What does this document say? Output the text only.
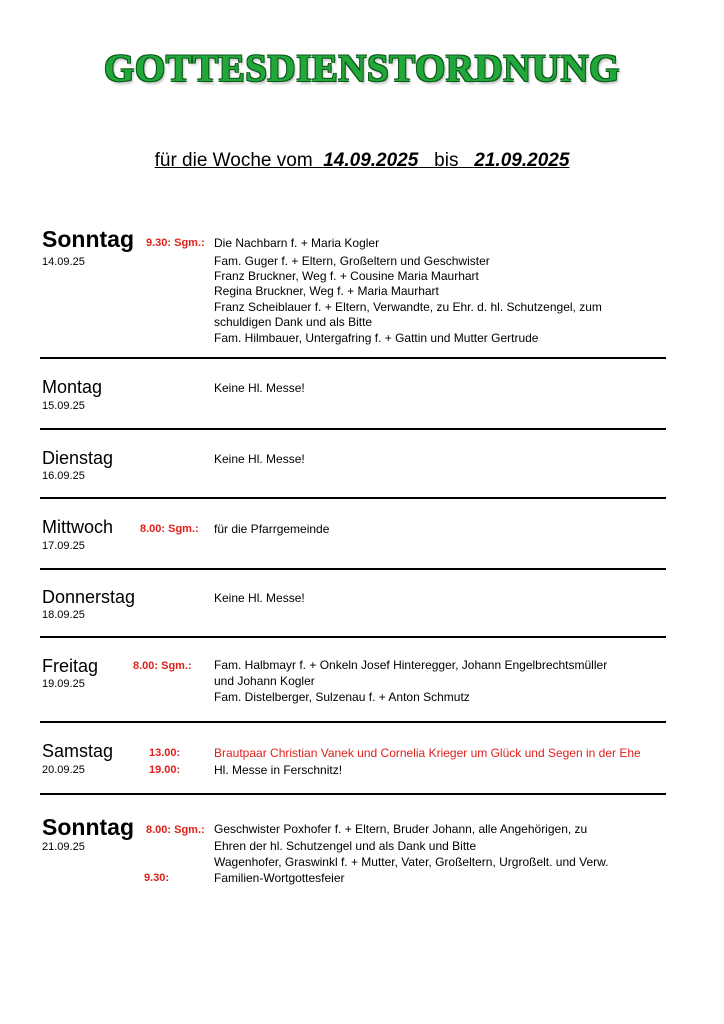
GOTTESDIENSTORDNUNG
für die Woche vom 14.09.2025 bis 21.09.2025
Sonntag 9.30: Sgm.:
14.09.25
Die Nachbarn f. + Maria Kogler
Fam. Guger f. + Eltern, Großeltern und Geschwister
Franz Bruckner, Weg f. + Cousine Maria Maurhart
Regina Bruckner, Weg f. + Maria Maurhart
Franz Scheiblauer f. + Eltern, Verwandte, zu Ehr. d. hl. Schutzengel, zum
schuldigen Dank und als Bitte
Fam. Hilmbauer, Untergafring f. + Gattin und Mutter Gertrude
Montag
15.09.25
Keine Hl. Messe!
Dienstag
16.09.25
Keine Hl. Messe!
Mittwoch 8.00: Sgm.:
17.09.25
für die Pfarrgemeinde
Donnerstag
18.09.25
Keine Hl. Messe!
Freitag	8.00: Sgm.:
19.09.25
Fam. Halbmayr f. + Onkeln Josef Hinteregger, Johann Engelbrechtsmüller
und Johann Kogler
Fam. Distelberger, Sulzenau f. + Anton Schmutz
Samstag	13.00:
19.00:
20.09.25
Brautpaar Christian Vanek und Cornelia Krieger um Glück und Segen in der Ehe
Hl. Messe in Ferschnitz!
Sonntag 8.00: Sgm.:
9.30:
21.09.25
Geschwister Poxhofer f. + Eltern, Bruder Johann, alle Angehörigen, zu
Ehren der hl. Schutzengel und als Dank und Bitte
Wagenhofer, Graswinkl f. + Mutter, Vater, Großeltern, Urgroßelt. und Verw.
Familien-Wortgottesfeier
